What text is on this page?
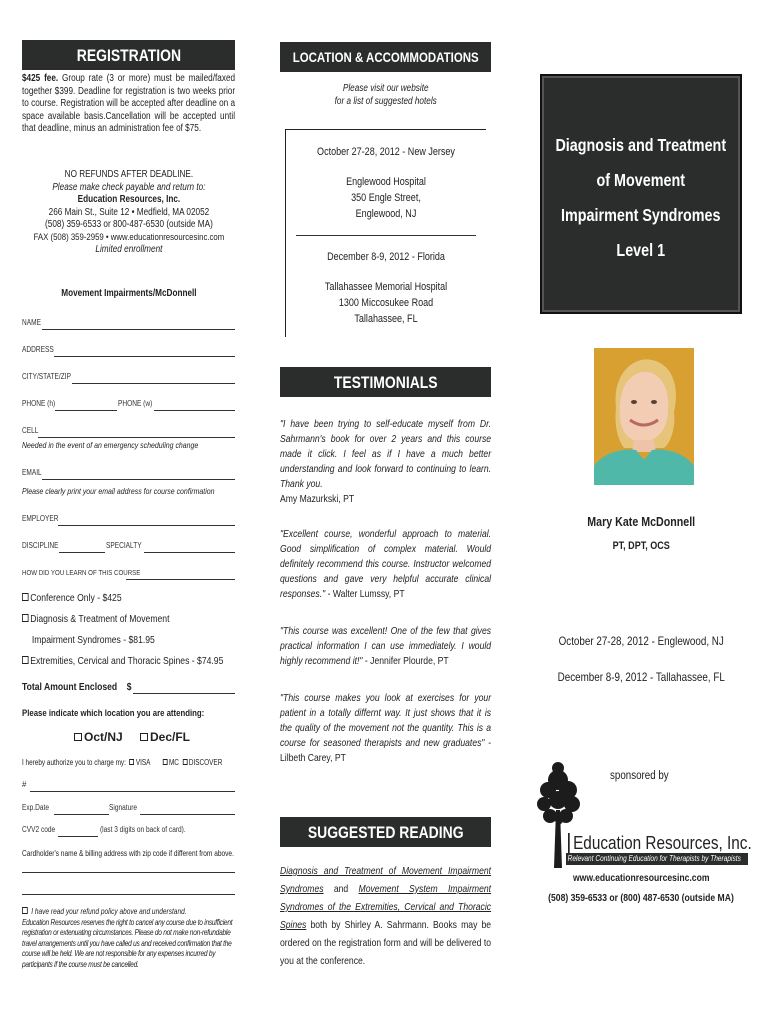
REGISTRATION
$425 fee. Group rate (3 or more) must be mailed/faxed together $399. Deadline for registration is two weeks prior to course. Registration will be accepted after deadline on a space available basis.Cancellation will be accepted until that deadline, minus an administration fee of $75.
NO REFUNDS AFTER DEADLINE.
Please make check payable and return to:
Education Resources, Inc.
266 Main St., Suite 12 • Medfield, MA 02052
(508) 359-6533 or 800-487-6530 (outside MA)
FAX (508) 359-2959 • www.educationresourcesinc.com
Limited enrollment
Movement Impairments/McDonnell
NAME
ADDRESS
CITY/STATE/ZIP
PHONE (h)	PHONE (w)
CELL
Needed in the event of an emergency scheduling change
EMAIL
Please clearly print your email address for course confirmation
EMPLOYER
DISCIPLINE	SPECIALTY
HOW DID YOU LEARN OF THIS COURSE
Conference Only - $425
Diagnosis & Treatment of Movement
Impairment Syndromes - $81.95
Extremities, Cervical and Thoracic Spines - $74.95
Total Amount Enclosed $
Please indicate which location you are attending:
Oct/NJ	Dec/FL
I hereby authorize you to charge my: VISA MC DISCOVER
#
Exp.Date	Signature
CVV2 code	(last 3 digits on back of card).
Cardholder's name & billing address with zip code if different from above.
I have read your refund policy above and understand.
Education Resources reserves the right to cancel any course due to insufficient registration or extenuating circumstances. Please do not make non-refundable travel arrangements until you have called us and received confirmation that the course will be held. We are not responsible for any expenses incurred by participants if the course must be cancelled.
LOCATION & ACCOMMODATIONS
Please visit our website
for a list of suggested hotels
October 27-28, 2012 - New Jersey
Englewood Hospital
350 Engle Street,
Englewood, NJ
December 8-9, 2012 - Florida
Tallahassee Memorial Hospital
1300 Miccosukee Road
Tallahassee, FL
TESTIMONIALS
"I have been trying to self-educate myself from Dr. Sahrmann's book for over 2 years and this course made it click. I feel as if I have a much better understanding and look forward to continuing to learn. Thank you.
Amy Mazurkski, PT
"Excellent course, wonderful approach to material. Good simplification of complex material. Would definitely recommend this course. Instructor welcomed questions and gave very helpful accurate clinical responses." - Walter Lumssy, PT
"This course was excellent! One of the few that gives practical information I can use immediately. I would highly recommend it!" - Jennifer Plourde, PT
"This course makes you look at exercises for your patient in a totally differnt way. It just shows that it is the quality of the movement not the quantity. This is a course for seasoned therapists and new graduates" - Lilbeth Carey, PT
SUGGESTED READING
Diagnosis and Treatment of Movement Impairment Syndromes and Movement System Impairment Syndromes of the Extremities, Cervical and Thoracic Spines both by Shirley A. Sahrmann. Books may be ordered on the registration form and will be delivered to you at the conference.
Diagnosis and Treatment
of Movement
Impairment Syndromes
Level 1
Mary Kate McDonnell
PT, DPT, OCS
October 27-28, 2012 - Englewood, NJ
December 8-9, 2012 - Tallahassee, FL
sponsored by
Education Resources, Inc.
Relevant Continuing Education for Therapists by Therapists
www.educationresourcesinc.com
(508) 359-6533 or (800) 487-6530 (outside MA)
